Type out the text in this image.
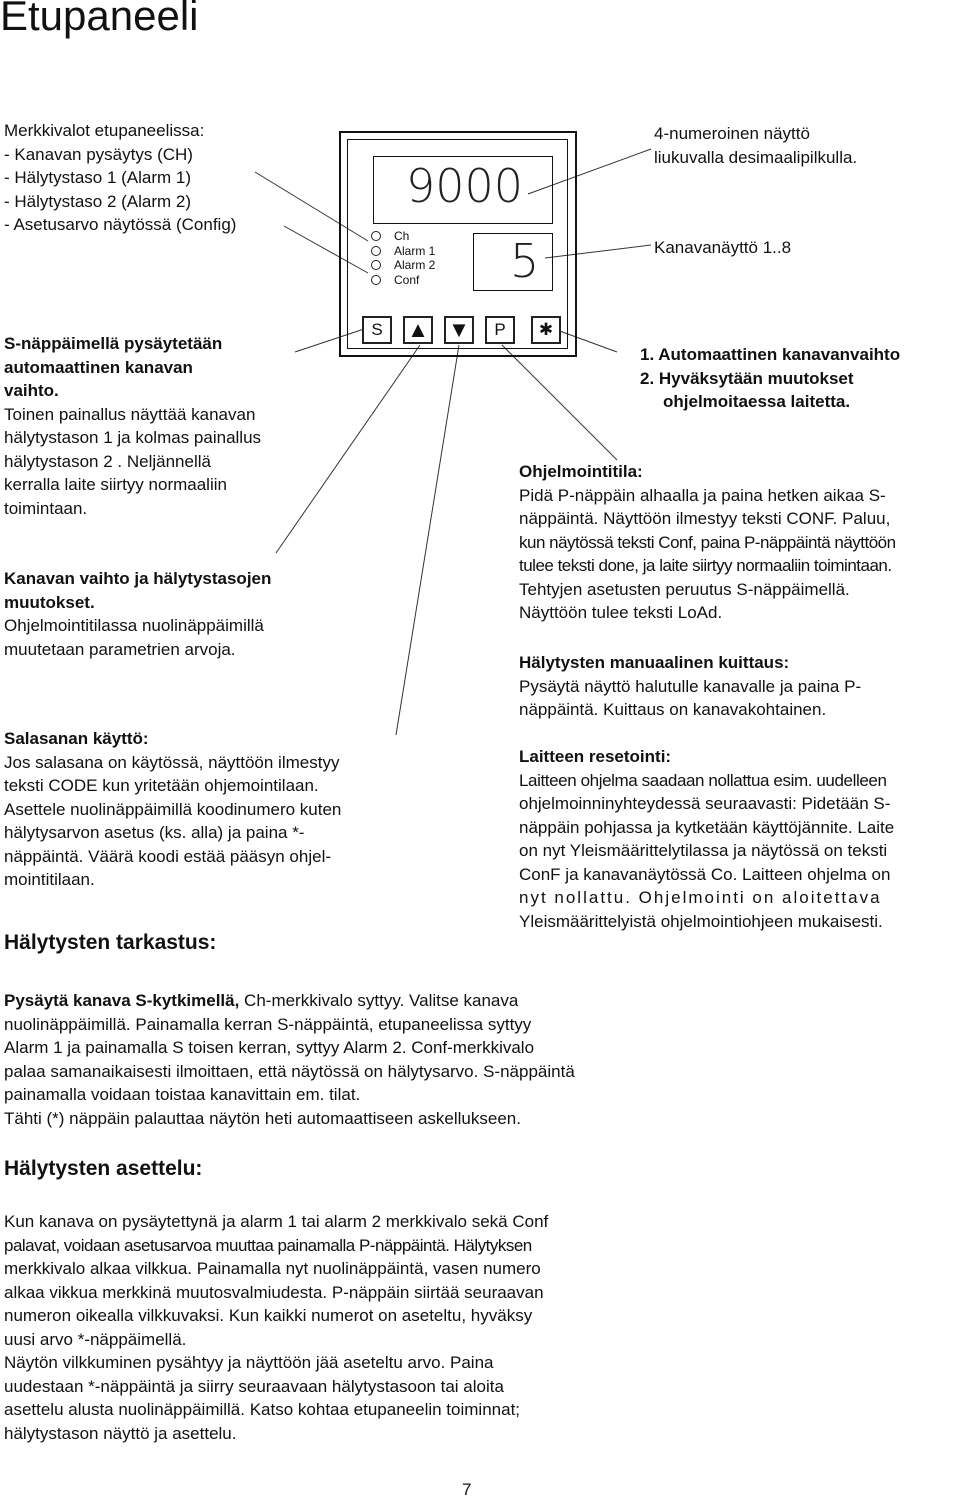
Etupaneeli
Merkkivalot etupaneelissa:
- Kanavan pysäytys (CH)
- Hälytystaso 1 (Alarm 1)
- Hälytystaso 2 (Alarm 2)
- Asetusarvo näytössä (Config)
4-numeroinen näyttö
liukuvalla desimaalipilkulla.
Kanavanäyttö 1..8
9000
5
Ch
Alarm 1
Alarm 2
Conf
S	▲ ▼	P	✱
S-näppäimellä pysäytetään
automaattinen kanavan
vaihto.
Toinen painallus näyttää kanavan
hälytystason 1 ja kolmas painallus
hälytystason 2 . Neljännellä
kerralla laite siirtyy normaaliin
toimintaan.
Kanavan vaihto ja hälytystasojen
muutokset.
Ohjelmointitilassa nuolinäppäimillä
muutetaan parametrien arvoja.
Salasanan käyttö:
Jos salasana on käytössä, näyttöön ilmestyy
teksti CODE kun yritetään ohjemointilaan.
Asettele nuolinäppäimillä koodinumero kuten
hälytysarvon asetus (ks. alla) ja paina *-
näppäintä. Väärä koodi estää pääsyn ohjel-
mointitilaan.
Hälytysten tarkastus:
Pysäytä kanava S-kytkimellä, Ch-merkkivalo syttyy. Valitse kanava
nuolinäppäimillä. Painamalla kerran S-näppäintä, etupaneelissa syttyy
Alarm 1 ja painamalla S toisen kerran, syttyy Alarm 2. Conf-merkkivalo
palaa samanaikaisesti ilmoittaen, että näytössä on hälytysarvo. S-näppäintä
painamalla voidaan toistaa kanavittain em. tilat.
Tähti (*) näppäin palauttaa näytön heti automaattiseen askellukseen.
1. Automaattinen kanavanvaihto
2. Hyväksytään muutokset
ohjelmoitaessa laitetta.
Ohjelmointitila:
Pidä P-näppäin alhaalla ja paina hetken aikaa S-
näppäintä. Näyttöön ilmestyy teksti CONF. Paluu,
kun näytössä teksti Conf, paina P-näppäintä näyttöön
tulee teksti done, ja laite siirtyy normaaliin toimintaan.
Tehtyjen asetusten peruutus S-näppäimellä.
Näyttöön tulee teksti LoAd.
Hälytysten manuaalinen kuittaus:
Pysäytä näyttö halutulle kanavalle ja paina P-
näppäintä. Kuittaus on kanavakohtainen.
Laitteen resetointi:
Laitteen ohjelma saadaan nollattua esim. uudelleen
ohjelmoinninyhteydessä seuraavasti: Pidetään S-
näppäin pohjassa ja kytketään käyttöjännite. Laite
on nyt Yleismäärittelytilassa ja näytössä on teksti
ConF ja kanavanäytössä Co. Laitteen ohjelma on
nyt nollattu. Ohjelmointi on aloitettava
Yleismäärittelyistä ohjelmointiohjeen mukaisesti.
Hälytysten asettelu:
Kun kanava on pysäytettynä ja alarm 1 tai alarm 2 merkkivalo sekä Conf
palavat, voidaan asetusarvoa muuttaa painamalla P-näppäintä. Hälytyksen
merkkivalo alkaa vilkkua. Painamalla nyt nuolinäppäintä, vasen numero
alkaa vikkua merkkinä muutosvalmiudesta. P-näppäin siirtää seuraavan
numeron oikealla vilkkuvaksi. Kun kaikki numerot on aseteltu, hyväksy
uusi arvo *-näppäimellä.
Näytön vilkkuminen pysähtyy ja näyttöön jää aseteltu arvo. Paina
uudestaan *-näppäintä ja siirry seuraavaan hälytystasoon tai aloita
asettelu alusta nuolinäppäimillä. Katso kohtaa etupaneelin toiminnat;
hälytystason näyttö ja asettelu.
7
